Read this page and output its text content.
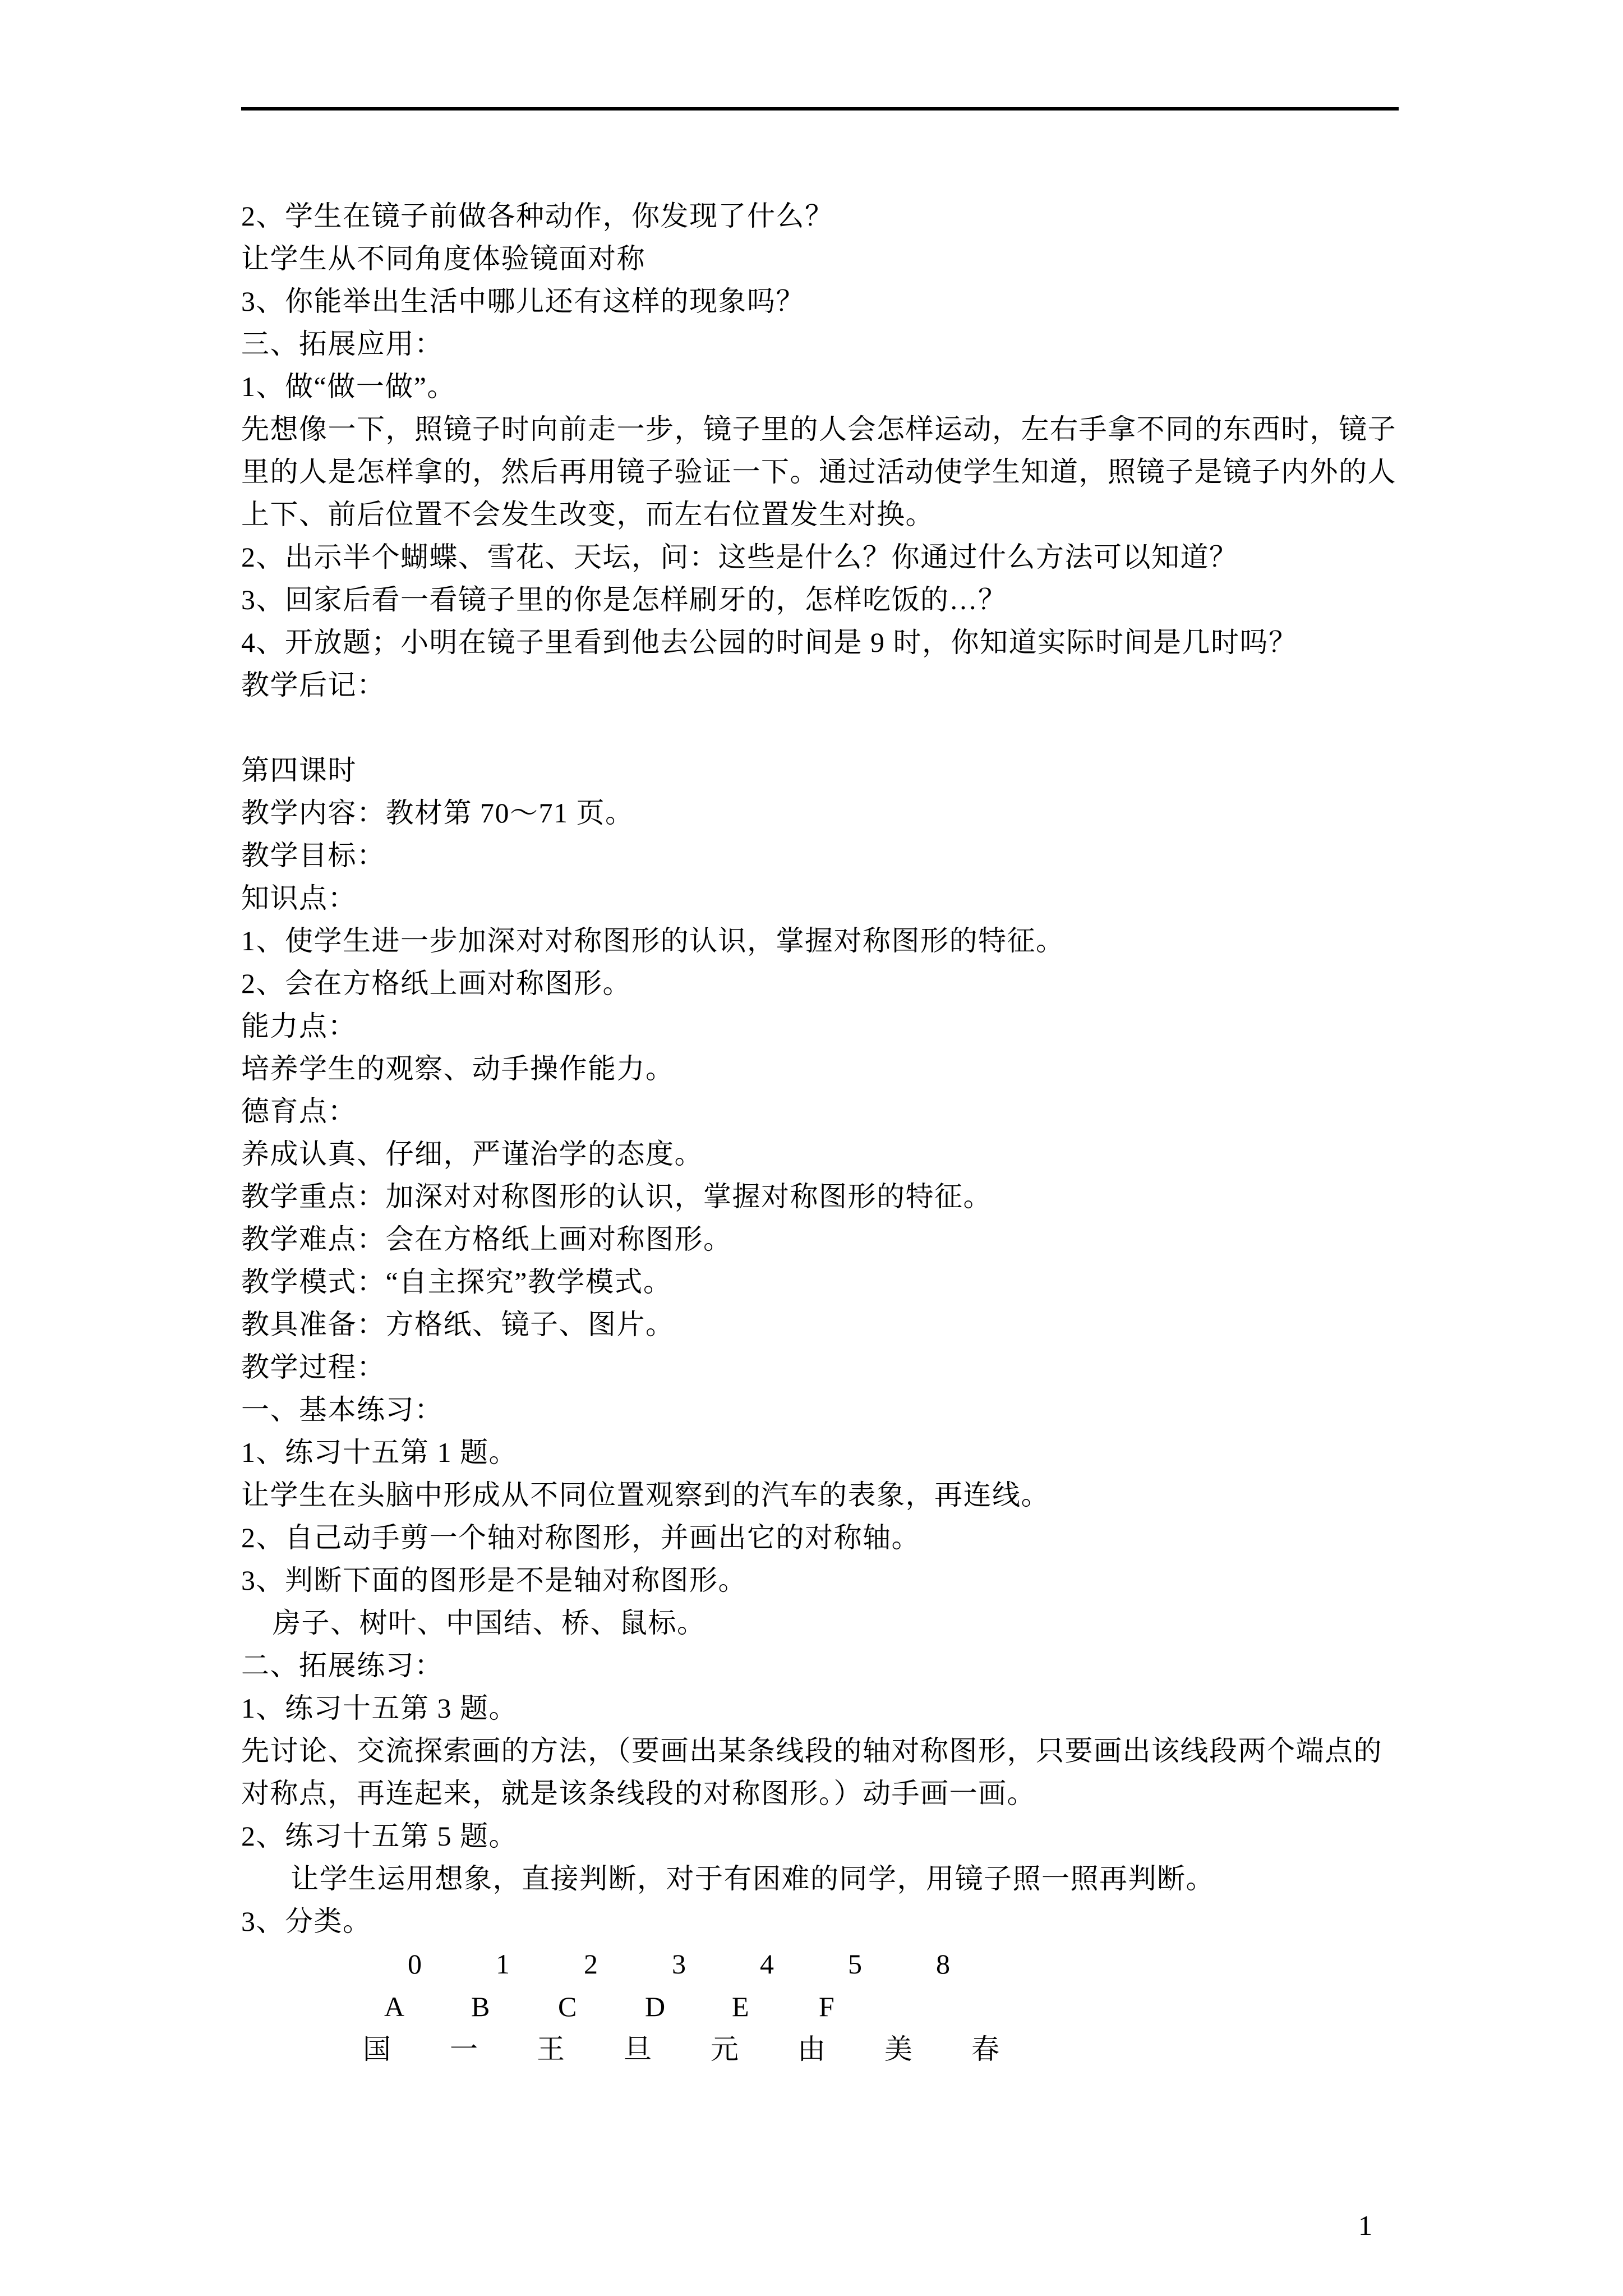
2、学生在镜子前做各种动作，你发现了什么？
让学生从不同角度体验镜面对称
3、你能举出生活中哪儿还有这样的现象吗？
三、拓展应用：
1、做“做一做”。
先想像一下，照镜子时向前走一步，镜子里的人会怎样运动，左右手拿不同的东西时，镜子
里的人是怎样拿的，然后再用镜子验证一下。通过活动使学生知道，照镜子是镜子内外的人
上下、前后位置不会发生改变，而左右位置发生对换。
2、出示半个蝴蝶、雪花、天坛，问：这些是什么？你通过什么方法可以知道？
3、回家后看一看镜子里的你是怎样刷牙的，怎样吃饭的…？
4、开放题；小明在镜子里看到他去公园的时间是 9 时，你知道实际时间是几时吗？
教学后记：

第四课时
教学内容：教材第 70～71 页。
教学目标：
知识点：
1、使学生进一步加深对对称图形的认识，掌握对称图形的特征。
2、会在方格纸上画对称图形。
能力点：
培养学生的观察、动手操作能力。
德育点：
养成认真、仔细，严谨治学的态度。
教学重点：加深对对称图形的认识，掌握对称图形的特征。
教学难点：会在方格纸上画对称图形。
教学模式：“自主探究”教学模式。
教具准备：方格纸、镜子、图片。
教学过程：
一、基本练习：
1、练习十五第 1 题。
让学生在头脑中形成从不同位置观察到的汽车的表象，再连线。
2、自己动手剪一个轴对称图形，并画出它的对称轴。
3、判断下面的图形是不是轴对称图形。
房子、树叶、中国结、桥、鼠标。
二、拓展练习：
1、练习十五第 3 题。
先讨论、交流探索画的方法，（要画出某条线段的轴对称图形，只要画出该线段两个端点的
对称点，再连起来，就是该条线段的对称图形。）动手画一画。
2、练习十五第 5 题。
让学生运用想象，直接判断，对于有困难的同学，用镜子照一照再判断。
3、分类。
0	1	2	3	4	5	8
A B C D E F
国 一 王 旦 元 由 美 春
1
